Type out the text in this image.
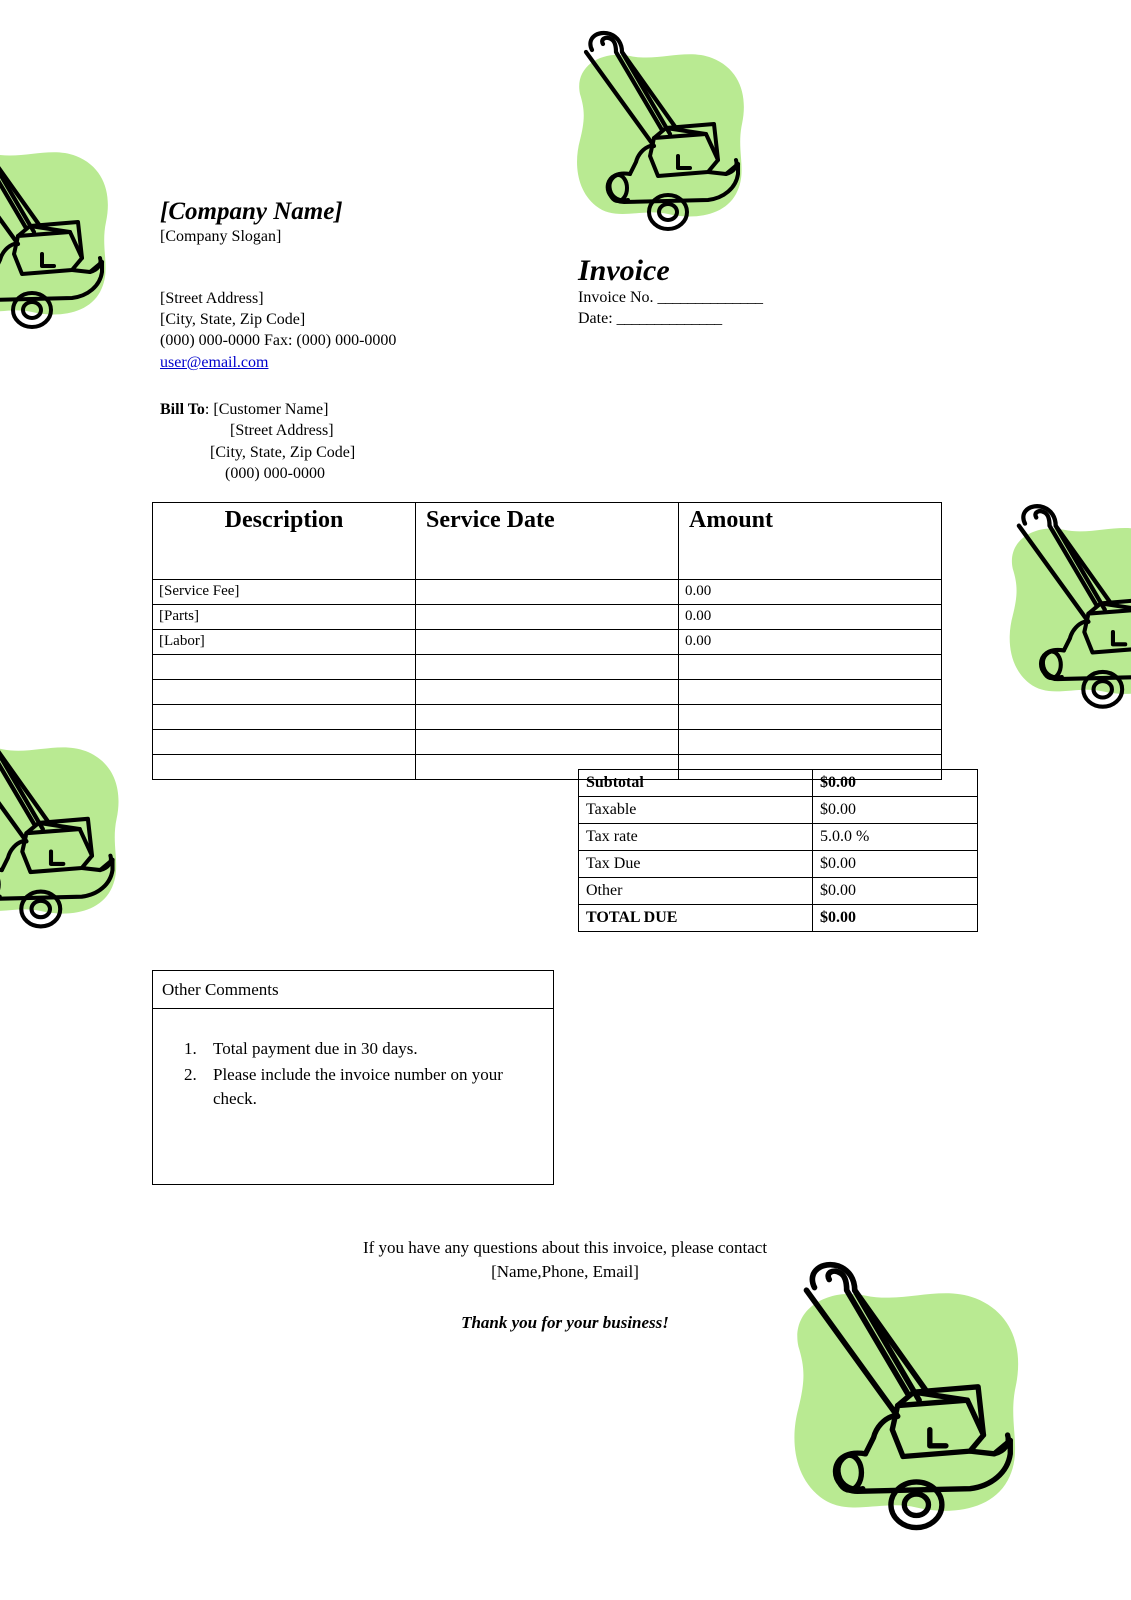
[Company Name]
[Company Slogan]
[Street Address]
[City, State, Zip Code]
(000) 000-0000 Fax: (000) 000-0000
user@email.com
Bill To: [Customer Name]
[Street Address]
[City, State, Zip Code]
(000) 000-0000
Invoice
Invoice No. ______________
Date: ______________
Description	Service Date	Amount
[Service Fee]		0.00
[Parts]		0.00
[Labor]		0.00

Subtotal	$0.00
Taxable	$0.00
Tax rate	5.0.0 %
Tax Due	$0.00
Other	$0.00
TOTAL DUE	$0.00
Other Comments
1. Total payment due in 30 days.
2. Please include the invoice number on your check.
If you have any questions about this invoice, please contact
[Name,Phone, Email]
Thank you for your business!
